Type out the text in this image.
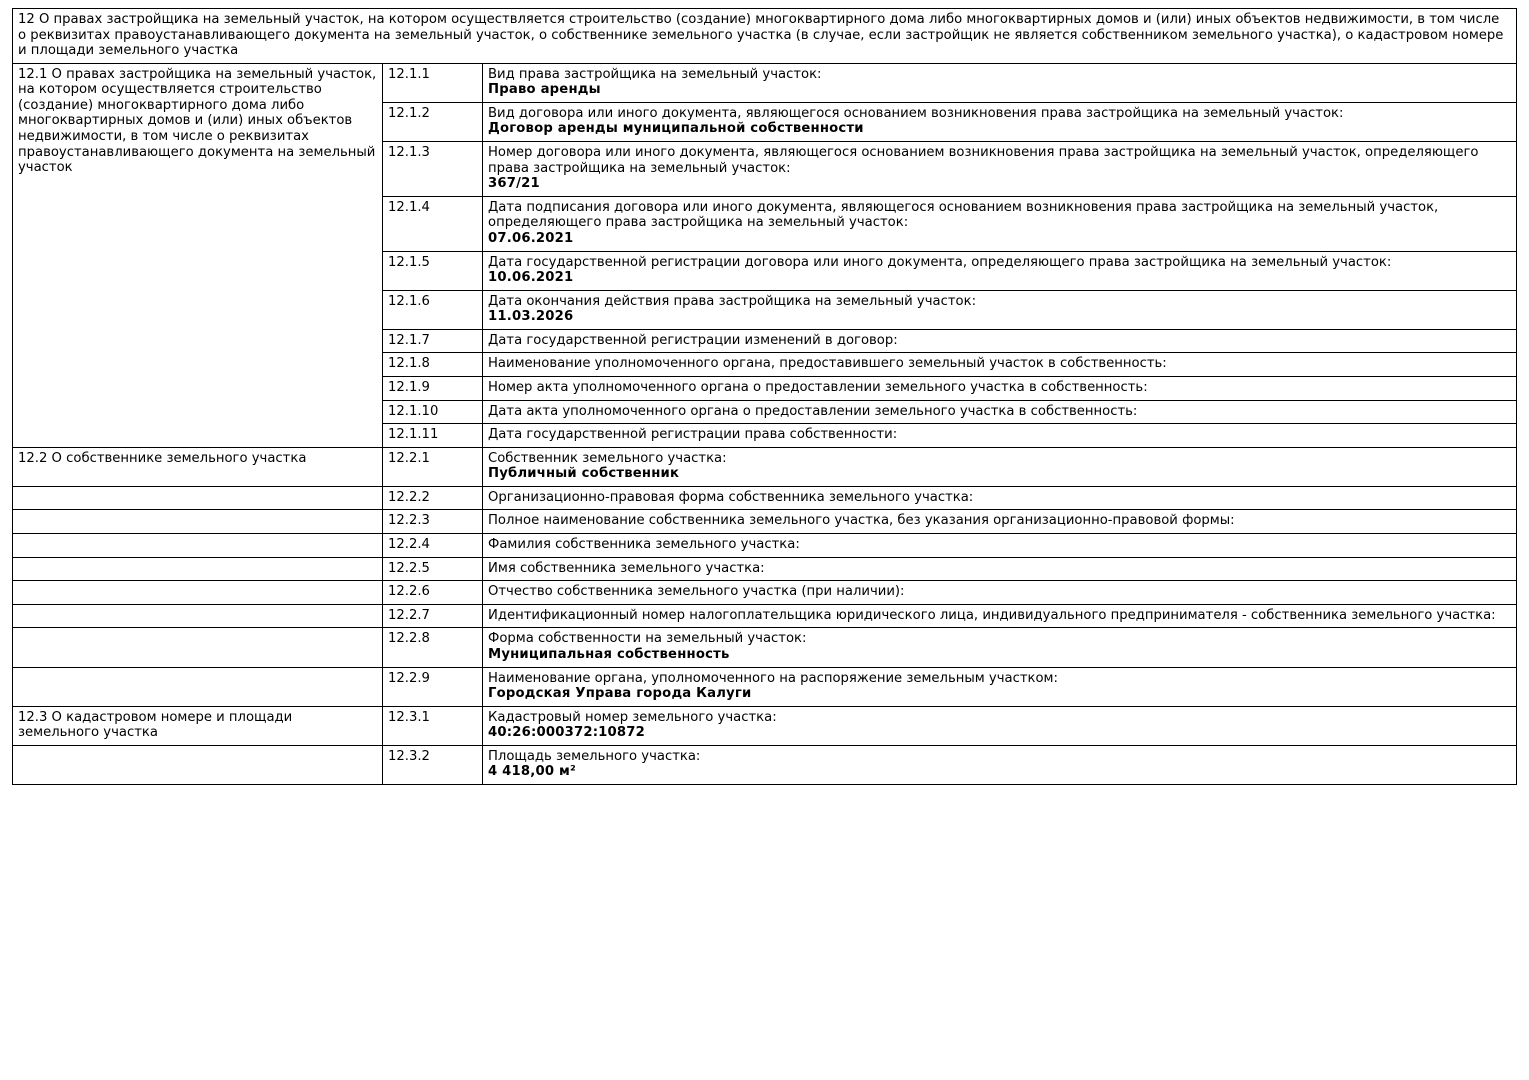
12 О правах застройщика на земельный участок, на котором осуществляется строительство (создание) многоквартирного дома либо многоквартирных домов и (или) иных объектов недвижимости, в том числе о реквизитах правоустанавливающего документа на земельный участок, о собственнике земельного участка (в случае, если застройщик не является собственником земельного участка), о кадастровом номере и площади земельного участка		
12.1 О правах застройщика на земельный участок, на котором осуществляется строительство (создание) многоквартирного дома либо многоквартирных домов и (или) иных объектов недвижимости, в том числе о реквизитах правоустанавливающего документа на земельный участок	12.1.1	Вид права застройщика на земельный участок:
Право аренды
	12.1.2	Вид договора или иного документа, являющегося основанием возникновения права застройщика на земельный участок:
Договор аренды муниципальной собственности
	12.1.3	Номер договора или иного документа, являющегося основанием возникновения права застройщика на земельный участок, определяющего права застройщика на земельный участок:
367/21
	12.1.4	Дата подписания договора или иного документа, являющегося основанием возникновения права застройщика на земельный участок, определяющего права застройщика на земельный участок:
07.06.2021
	12.1.5	Дата государственной регистрации договора или иного документа, определяющего права застройщика на земельный участок:
10.06.2021
	12.1.6	Дата окончания действия права застройщика на земельный участок:
11.03.2026
	12.1.7	Дата государственной регистрации изменений в договор:

	12.1.8	Наименование уполномоченного органа, предоставившего земельный участок в собственность:

	12.1.9	Номер акта уполномоченного органа о предоставлении земельного участка в собственность:

	12.1.10	Дата акта уполномоченного органа о предоставлении земельного участка в собственность:

	12.1.11	Дата государственной регистрации права собственности:

12.2 О собственнике земельного участка	12.2.1	Собственник земельного участка:
Публичный собственник
	12.2.2	Организационно-правовая форма собственника земельного участка:

	12.2.3	Полное наименование собственника земельного участка, без указания организационно-правовой формы:

	12.2.4	Фамилия собственника земельного участка:

	12.2.5	Имя собственника земельного участка:

	12.2.6	Отчество собственника земельного участка (при наличии):

	12.2.7	Идентификационный номер налогоплательщика юридического лица, индивидуального предпринимателя - собственника земельного участка:

	12.2.8	Форма собственности на земельный участок:
Муниципальная собственность
	12.2.9	Наименование органа, уполномоченного на распоряжение земельным участком:
Городская Управа города Калуги
12.3 О кадастровом номере и площади земельного участка	12.3.1	Кадастровый номер земельного участка:
40:26:000372:10872
	12.3.2	Площадь земельного участка:
4 418,00 м²
